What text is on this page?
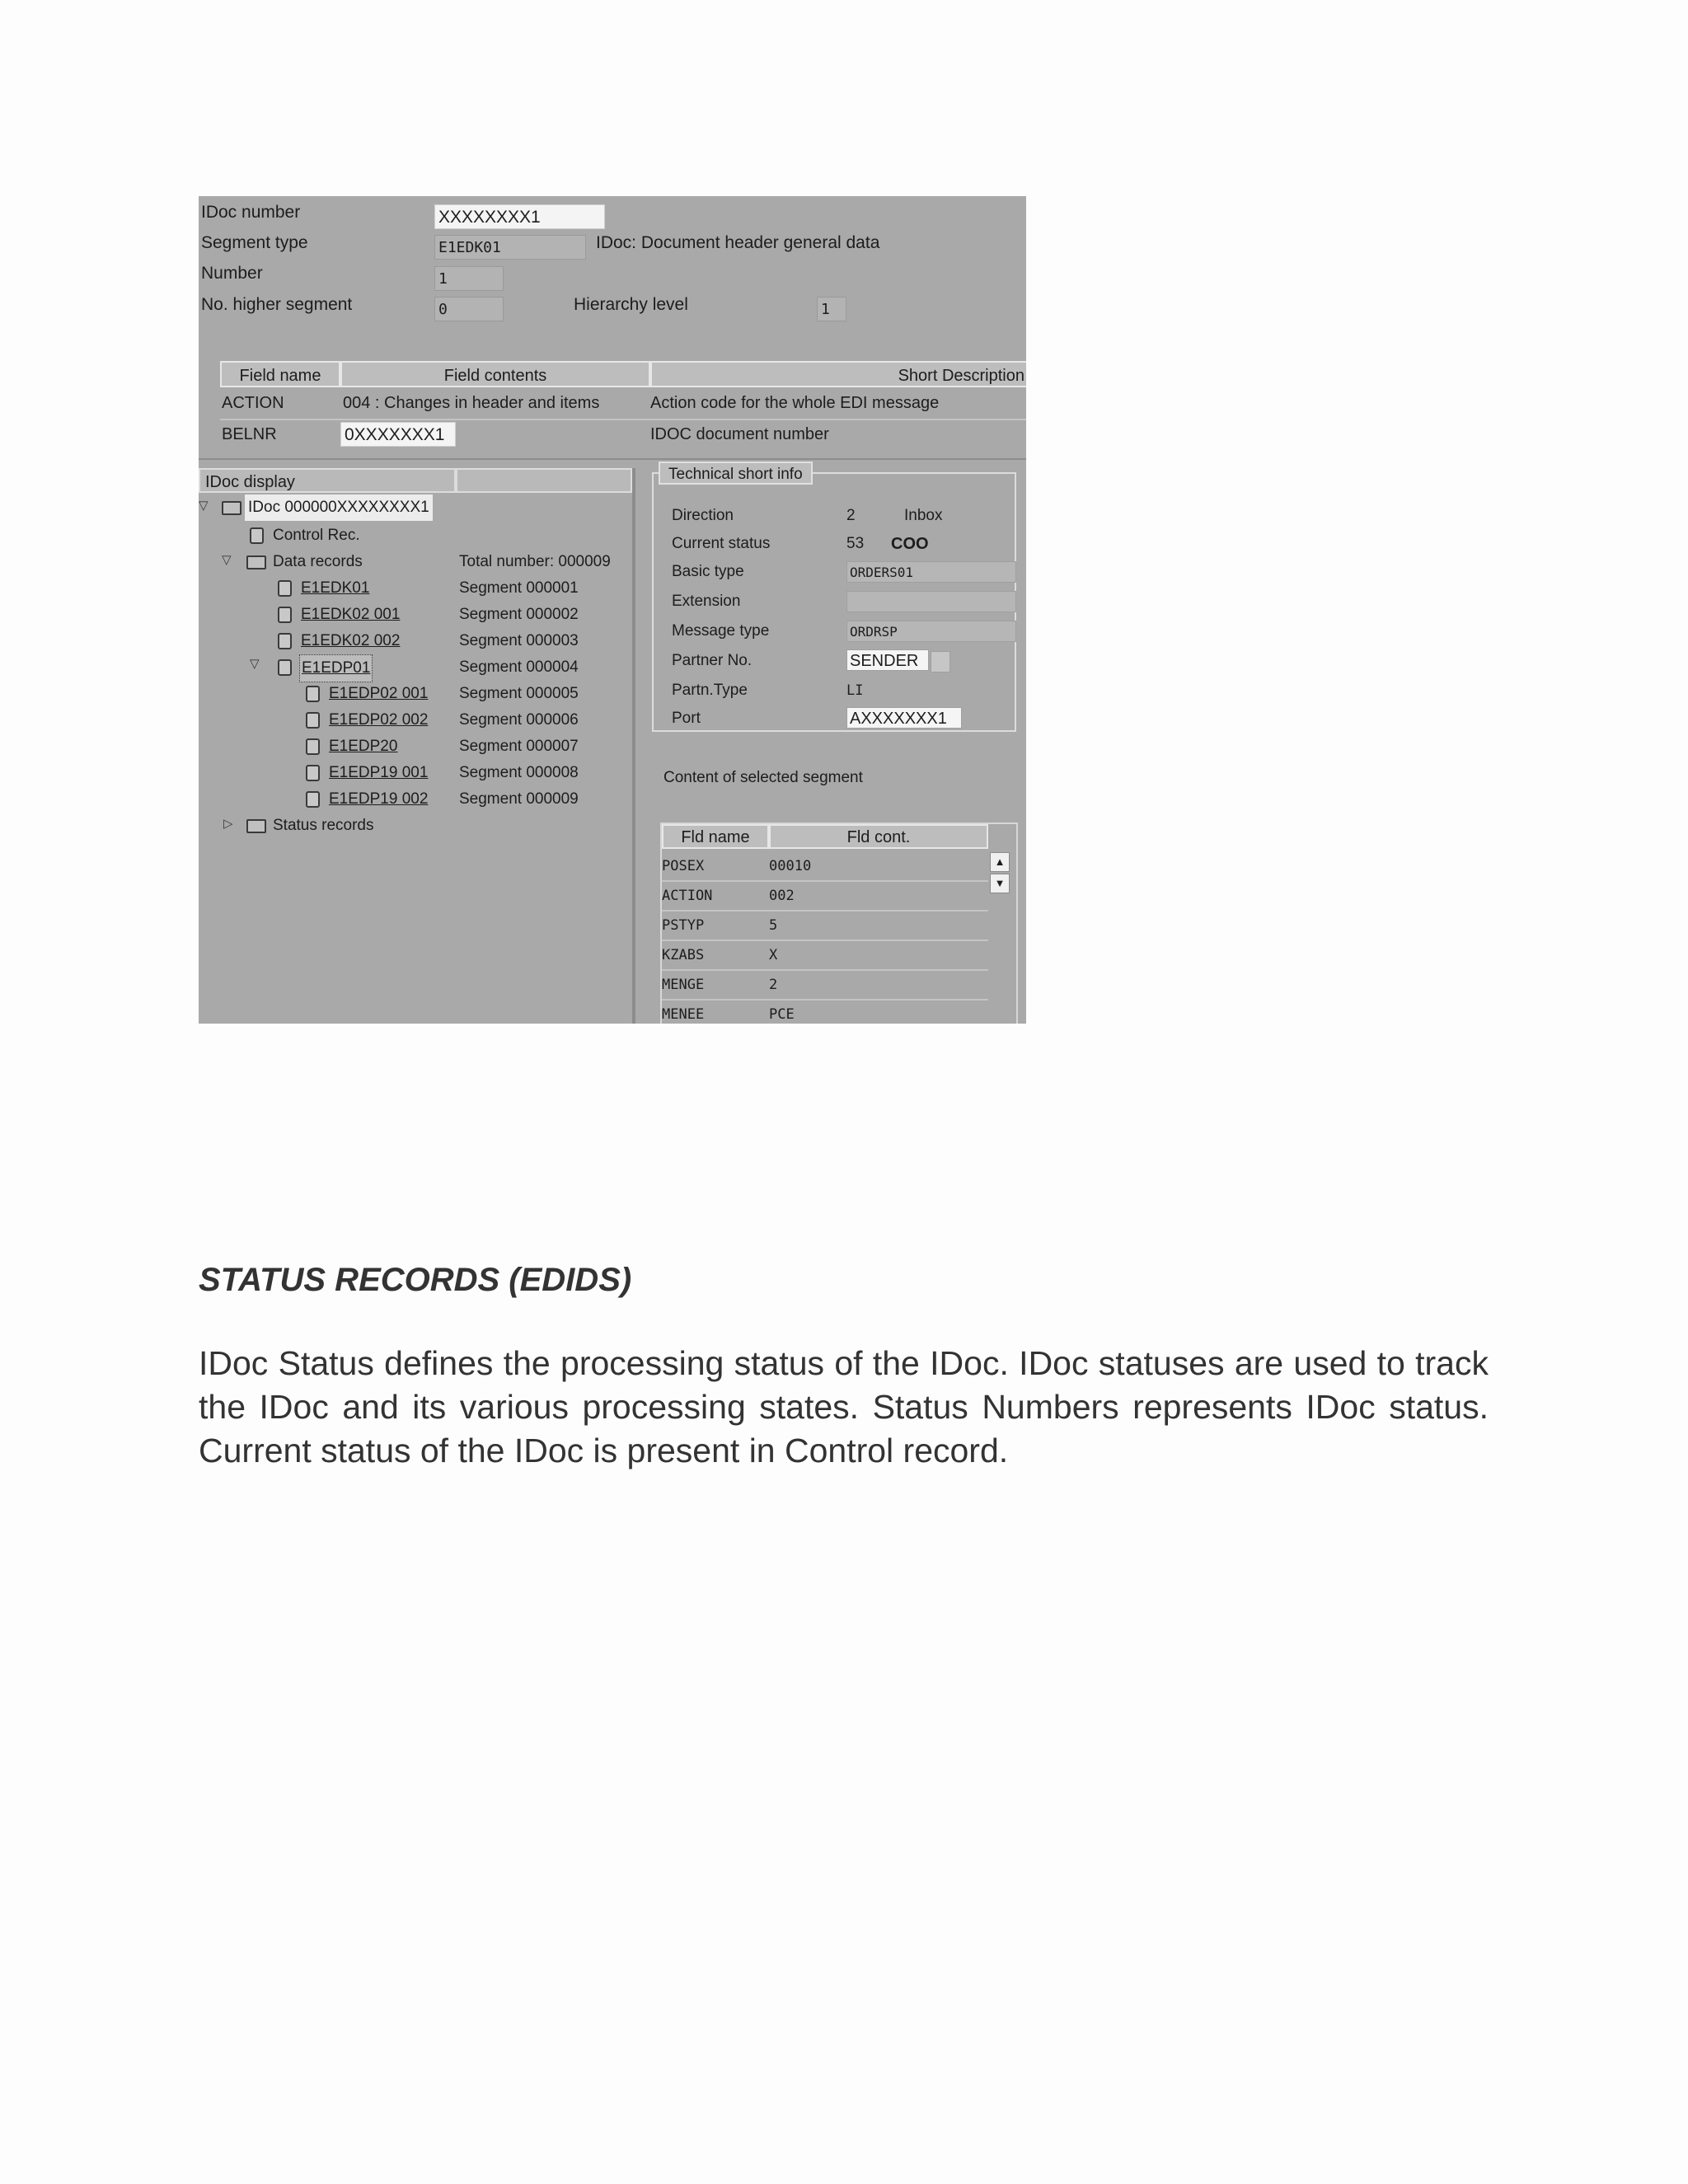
IDoc number	XXXXXXXX1
Segment type	E1EDK01	IDoc: Document header general data
Number	1
No. higher segment	0	Hierarchy level	1
Field name	Field contents	Short Description
ACTION	004 : Changes in header and items	Action code for the whole EDI message
BELNR	0XXXXXXX1	IDOC document number
IDoc display
▽	IDoc 000000XXXXXXXX1
Control Rec.
▽	Data records	Total number: 000009
E1EDK01	Segment 000001
E1EDK02 001	Segment 000002
E1EDK02 002	Segment 000003
▽	E1EDP01	Segment 000004
E1EDP02 001 Segment 000005
E1EDP02 002 Segment 000006
E1EDP20	Segment 000007
E1EDP19 001 Segment 000008
E1EDP19 002 Segment 000009
▷	Status records
Technical short info
Direction	2	Inbox
Current status	53 COO
Basic type	ORDERS01
Extension
Message type	ORDRSP
Partner No.	SENDER
Partn.Type	LI
Port	AXXXXXXX1
Content of selected segment
Fld name	Fld cont.
▲
▼
POSEX	00010
ACTION	002
PSTYP	5
KZABS	X
MENGE	2
MENEE	PCE
STATUS RECORDS (EDIDS)
IDoc Status defines the processing status of the IDoc. IDoc statuses are used to track the IDoc and its various processing states. Status Numbers represents IDoc status. Current status of the IDoc is present in Control record.
